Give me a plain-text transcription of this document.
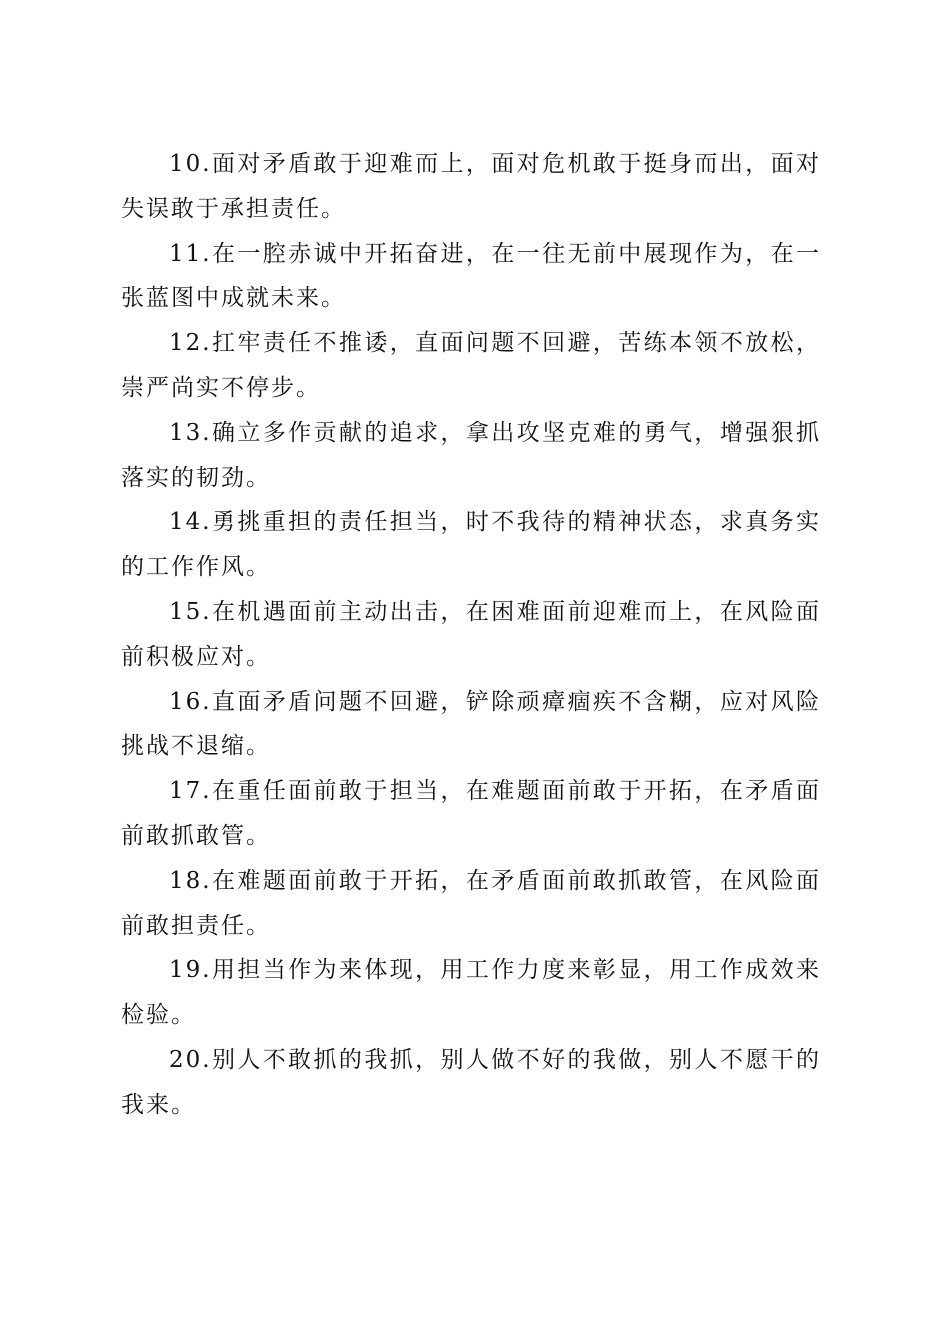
10.面对矛盾敢于迎难而上，面对危机敢于挺身而出，面对失误敢于承担责任。

11.在一腔赤诚中开拓奋进，在一往无前中展现作为，在一张蓝图中成就未来。

12.扛牢责任不推诿，直面问题不回避，苦练本领不放松，崇严尚实不停步。

13.确立多作贡献的追求，拿出攻坚克难的勇气，增强狠抓落实的韧劲。

14.勇挑重担的责任担当，时不我待的精神状态，求真务实的工作作风。

15.在机遇面前主动出击，在困难面前迎难而上，在风险面前积极应对。

16.直面矛盾问题不回避，铲除顽瘴痼疾不含糊，应对风险挑战不退缩。

17.在重任面前敢于担当，在难题面前敢于开拓，在矛盾面前敢抓敢管。

18.在难题面前敢于开拓，在矛盾面前敢抓敢管，在风险面前敢担责任。

19.用担当作为来体现，用工作力度来彰显，用工作成效来检验。

20.别人不敢抓的我抓，别人做不好的我做，别人不愿干的我来。
